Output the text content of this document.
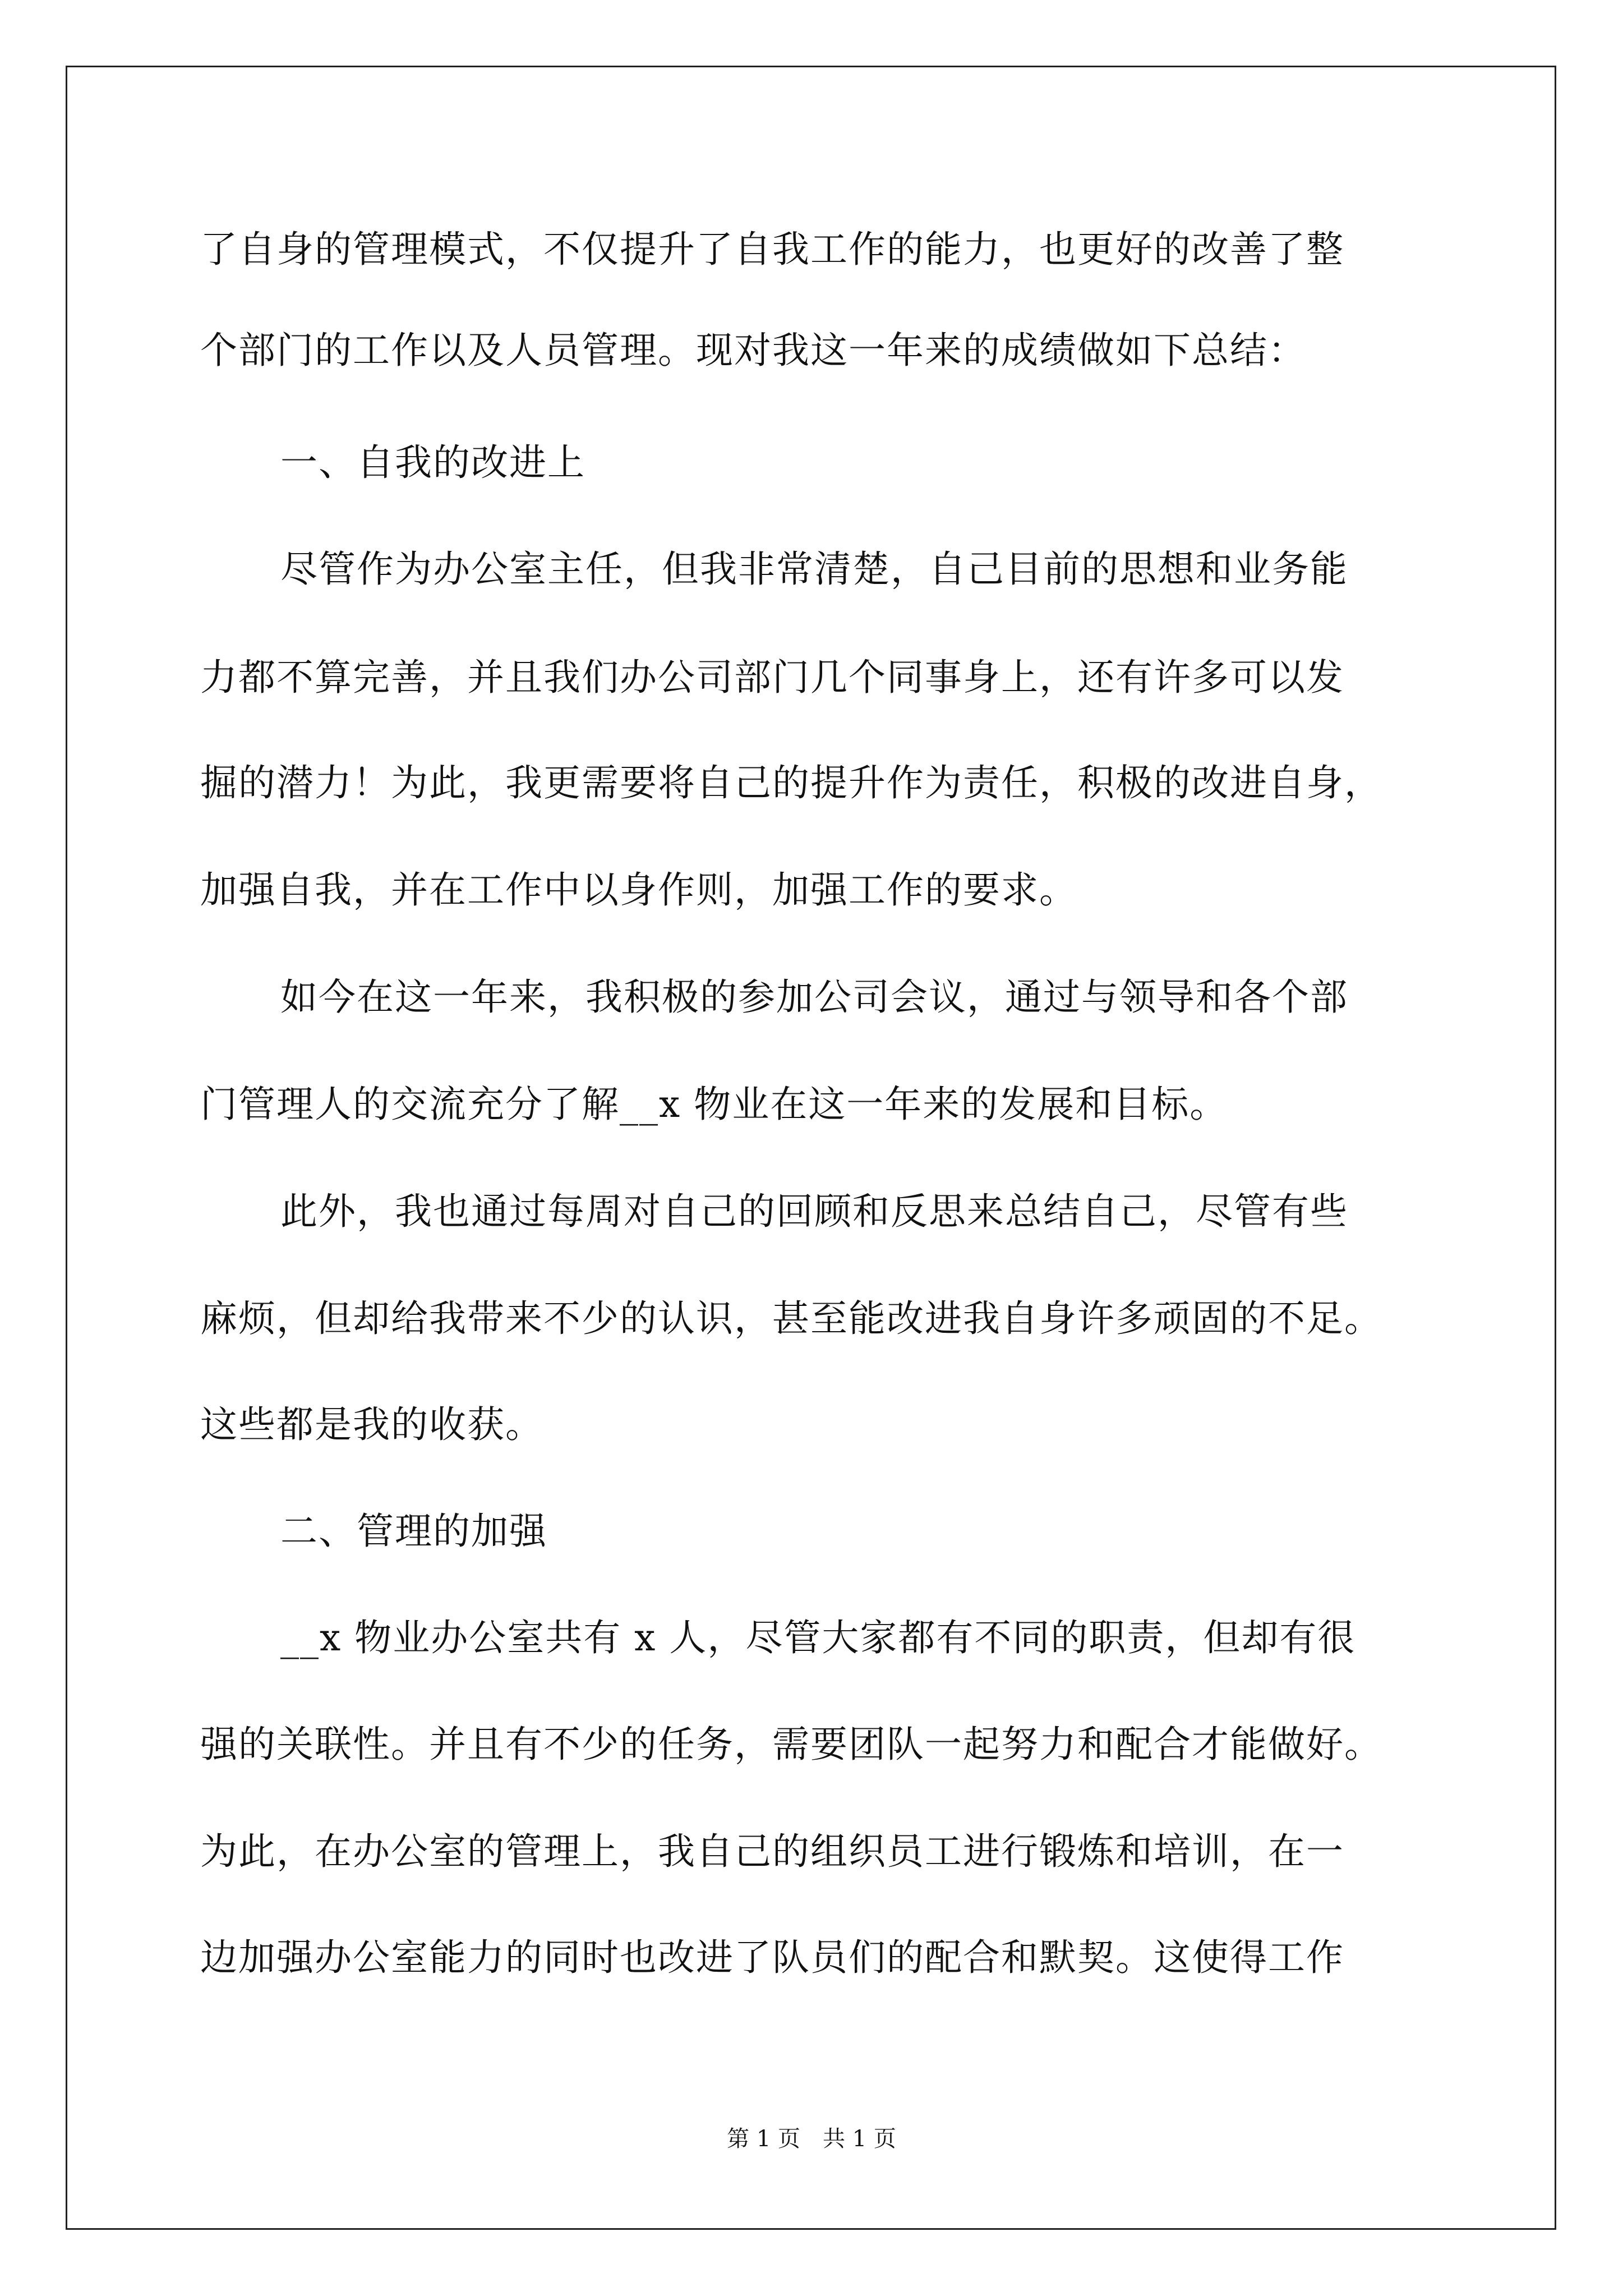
了自身的管理模式，不仅提升了自我工作的能力，也更好的改善了整
个部门的工作以及人员管理。现对我这一年来的成绩做如下总结：
一、自我的改进上
尽管作为办公室主任，但我非常清楚，自己目前的思想和业务能
力都不算完善，并且我们办公司部门几个同事身上，还有许多可以发
掘的潜力！为此，我更需要将自己的提升作为责任，积极的改进自身，
加强自我，并在工作中以身作则，加强工作的要求。
如今在这一年来，我积极的参加公司会议，通过与领导和各个部
门管理人的交流充分了解__x 物业在这一年来的发展和目标。
此外，我也通过每周对自己的回顾和反思来总结自己，尽管有些
麻烦，但却给我带来不少的认识，甚至能改进我自身许多顽固的不足。
这些都是我的收获。
二、管理的加强
__x 物业办公室共有 x 人，尽管大家都有不同的职责，但却有很
强的关联性。并且有不少的任务，需要团队一起努力和配合才能做好。
为此，在办公室的管理上，我自己的组织员工进行锻炼和培训，在一
边加强办公室能力的同时也改进了队员们的配合和默契。这使得工作
第 1 页 共 1 页
